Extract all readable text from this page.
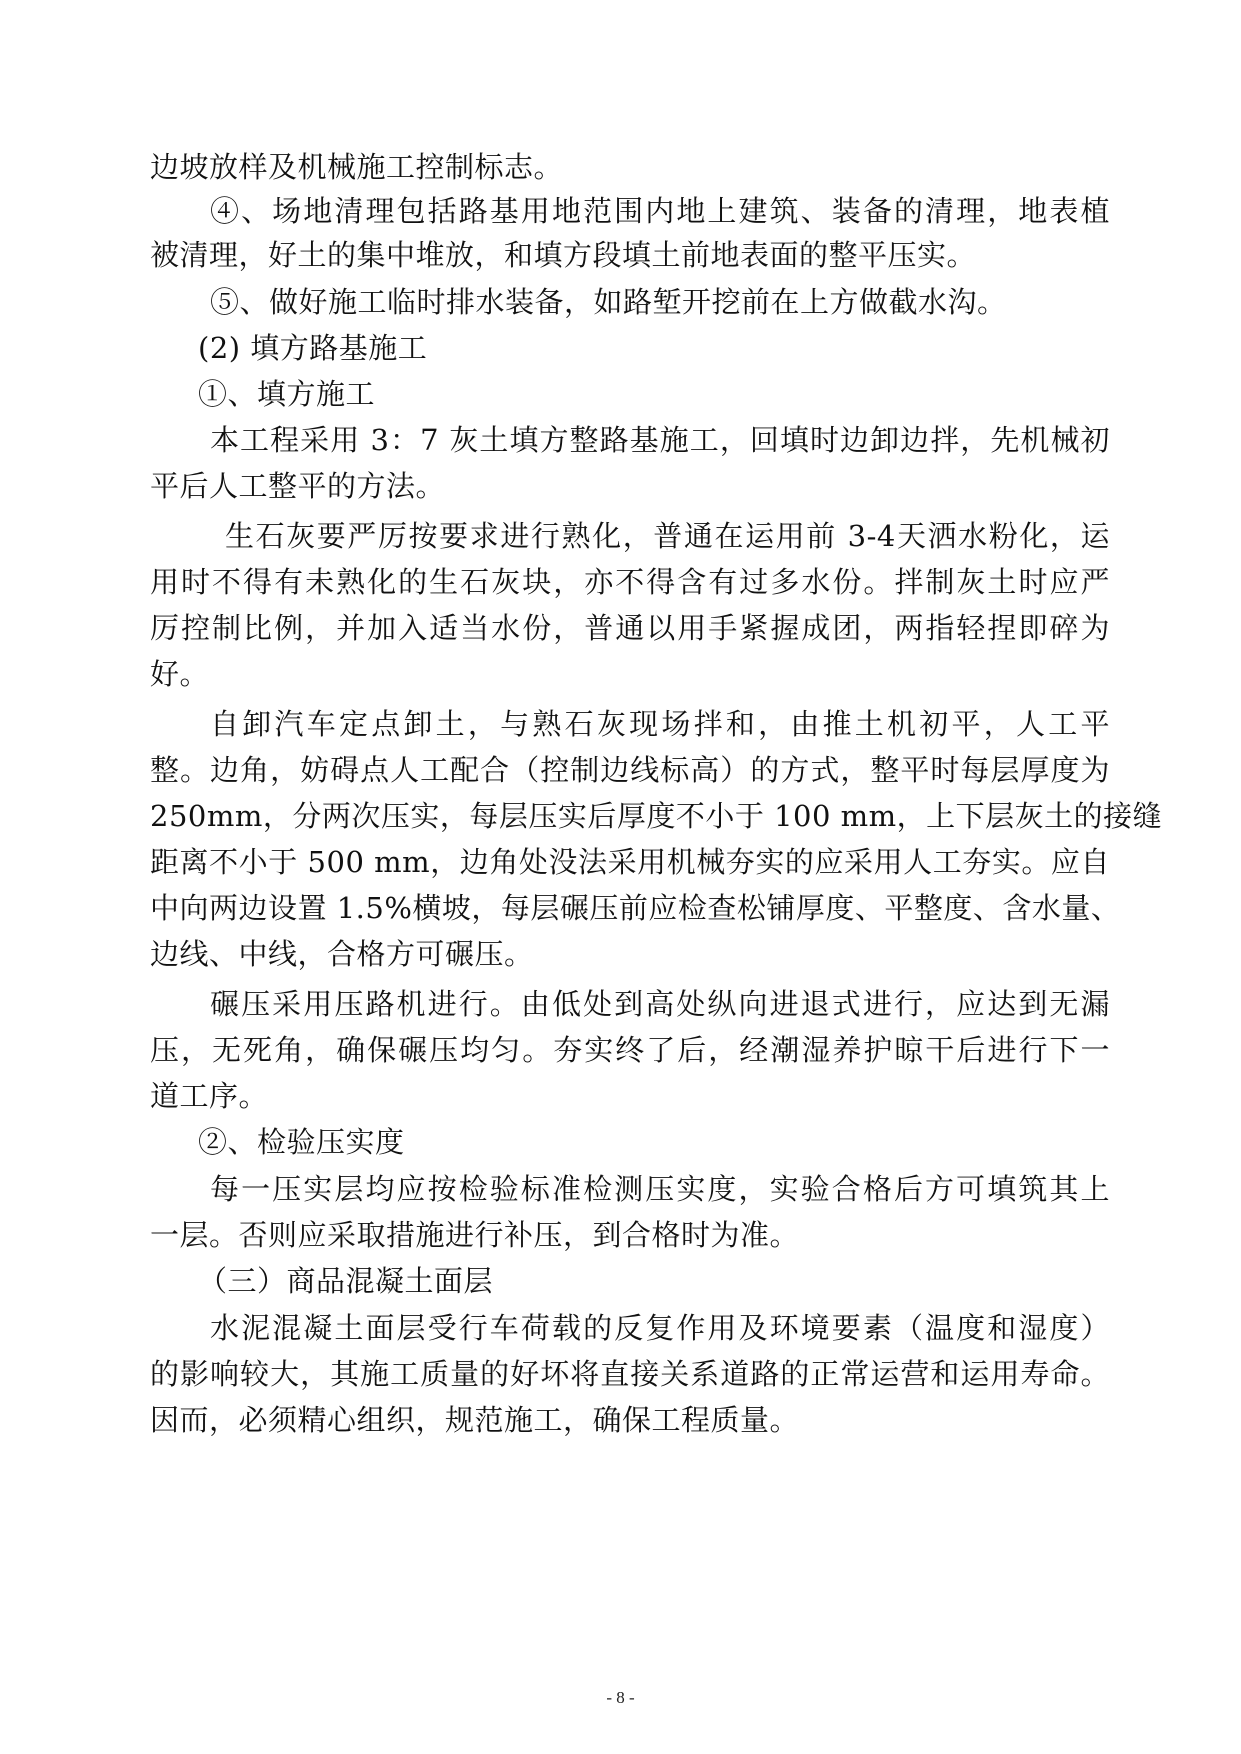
边坡放样及机械施工控制标志。
④、场地清理包括路基用地范围内地上建筑、装备的清理，地表植
被清理，好土的集中堆放，和填方段填土前地表面的整平压实。
⑤、做好施工临时排水装备，如路堑开挖前在上方做截水沟。
(2) 填方路基施工
①、填方施工
本工程采用 3：7 灰土填方整路基施工，回填时边卸边拌，先机械初
平后人工整平的方法。
生石灰要严厉按要求进行熟化，普通在运用前 3-4天洒水粉化，运
用时不得有未熟化的生石灰块，亦不得含有过多水份。拌制灰土时应严
厉控制比例，并加入适当水份，普通以用手紧握成团，两指轻捏即碎为
好。
自卸汽车定点卸土，与熟石灰现场拌和，由推土机初平，人工平
整。边角，妨碍点人工配合（控制边线标高）的方式，整平时每层厚度为
250mm，分两次压实，每层压实后厚度不小于 100 mm，上下层灰土的接缝
距离不小于 500 mm，边角处没法采用机械夯实的应采用人工夯实。应自
中向两边设置 1.5%横坡，每层碾压前应检查松铺厚度、平整度、含水量、
边线、中线，合格方可碾压。
碾压采用压路机进行。由低处到高处纵向进退式进行，应达到无漏
压，无死角，确保碾压均匀。夯实终了后，经潮湿养护晾干后进行下一
道工序。
②、检验压实度
每一压实层均应按检验标准检测压实度，实验合格后方可填筑其上
一层。否则应采取措施进行补压，到合格时为准。
（三）商品混凝土面层
水泥混凝土面层受行车荷载的反复作用及环境要素（温度和湿度）
的影响较大，其施工质量的好坏将直接关系道路的正常运营和运用寿命。
因而，必须精心组织，规范施工，确保工程质量。
- 8 -
